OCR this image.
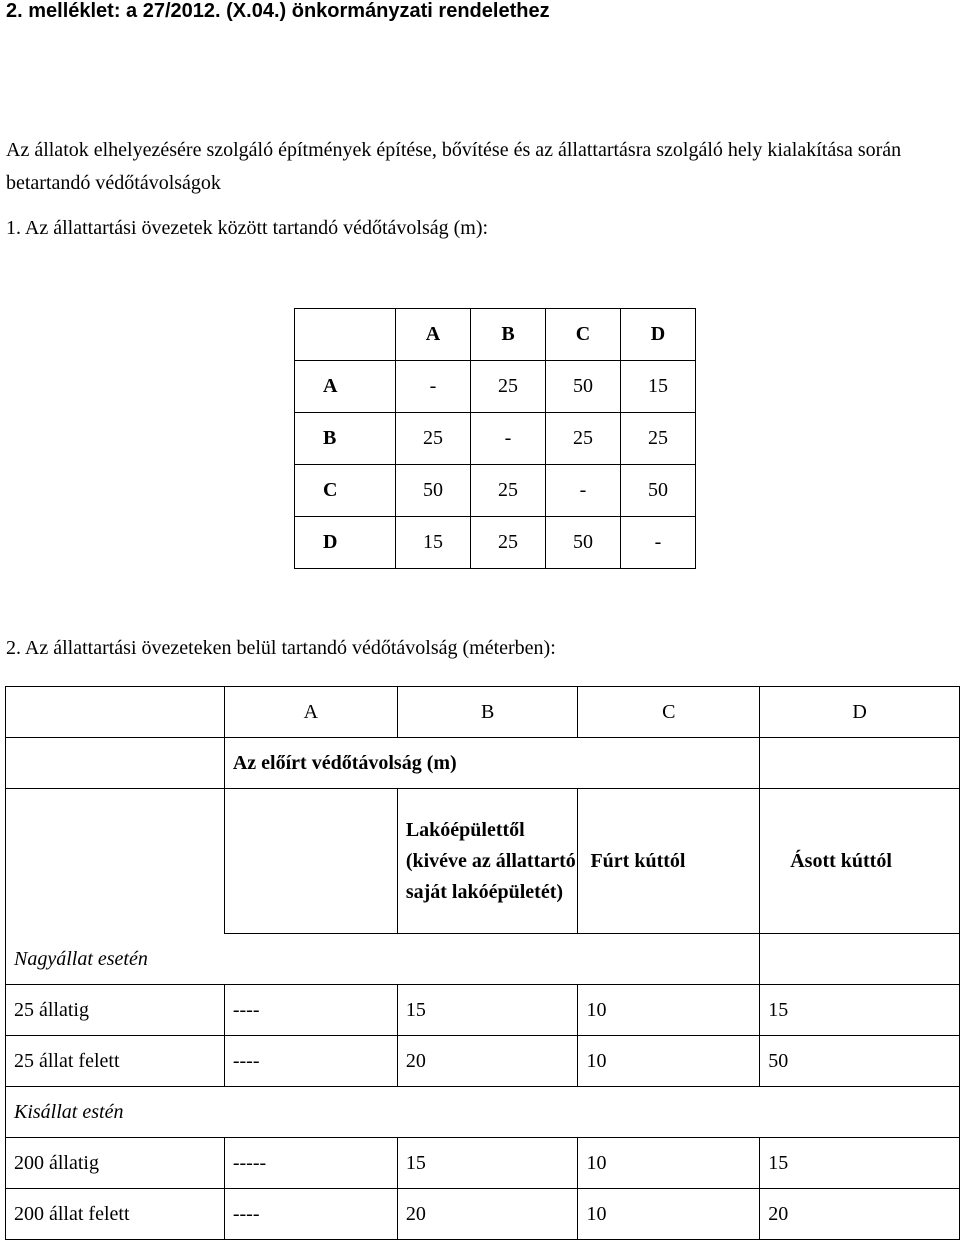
2. melléklet: a 27/2012. (X.04.) önkormányzati rendelethez
Az állatok elhelyezésére szolgáló építmények építése, bővítése és az állattartásra szolgáló hely kialakítása során betartandó védőtávolságok
1. Az állattartási övezetek között tartandó védőtávolság (m):
	A	B	C	D
A	-	25	50	15
B	25	-	25	25
C	50	25	-	50
D	15	25	50	-
2. Az állattartási övezeteken belül tartandó védőtávolság (méterben):
	A	B	C	D
	Az előírt védőtávolság (m)			
		Lakóépülettől (kivéve az állattartó saját lakóépületét)	Fúrt kúttól	Ásott kúttól
Nagyállat esetén				
25 állatig	----	15	10	15
25 állat felett	----	20	10	50
Kisállat estén				
200 állatig	-----	15	10	15
200 állat felett	----	20	10	20
